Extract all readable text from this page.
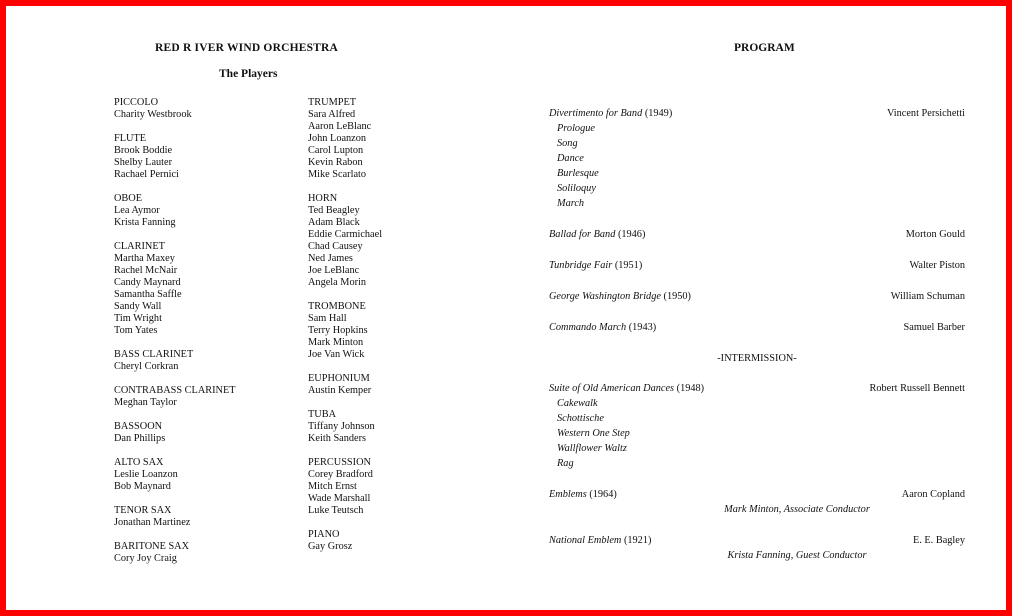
RED R IVER WIND ORCHESTRA
The Players
PICCOLO
Charity Westbrook
FLUTE
Brook Boddie
Shelby Lauter
Rachael Pernici
OBOE
Lea Aymor
Krista Fanning
CLARINET
Martha Maxey
Rachel McNair
Candy Maynard
Samantha Saffle
Sandy Wall
Tim Wright
Tom Yates
BASS CLARINET
Cheryl Corkran
CONTRABASS CLARINET
Meghan Taylor
BASSOON
Dan Phillips
ALTO SAX
Leslie Loanzon
Bob Maynard
TENOR SAX
Jonathan Martinez
BARITONE SAX
Cory Joy Craig
TRUMPET
Sara Alfred
Aaron LeBlanc
John Loanzon
Carol Lupton
Kevin Rabon
Mike Scarlato
HORN
Ted Beagley
Adam Black
Eddie Carmichael
Chad Causey
Ned James
Joe LeBlanc
Angela Morin
TROMBONE
Sam Hall
Terry Hopkins
Mark Minton
Joe Van Wick
EUPHONIUM
Austin Kemper
TUBA
Tiffany Johnson
Keith Sanders
PERCUSSION
Corey Bradford
Mitch Ernst
Wade Marshall
Luke Teutsch
PIANO
Gay Grosz
PROGRAM
Divertimento for Band (1949)	Vincent Persichetti
Prologue
Song
Dance
Burlesque
Soliloquy
March
Ballad for Band (1946)	Morton Gould
Tunbridge Fair (1951)	Walter Piston
George Washington Bridge (1950)	William Schuman
Commando March (1943)	Samuel Barber
-INTERMISSION-
Suite of Old American Dances (1948)	Robert Russell Bennett
Cakewalk
Schottische
Western One Step
Wallflower Waltz
Rag
Emblems (1964)	Aaron Copland
Mark Minton, Associate Conductor
National Emblem (1921)	E. E. Bagley
Krista Fanning, Guest Conductor
